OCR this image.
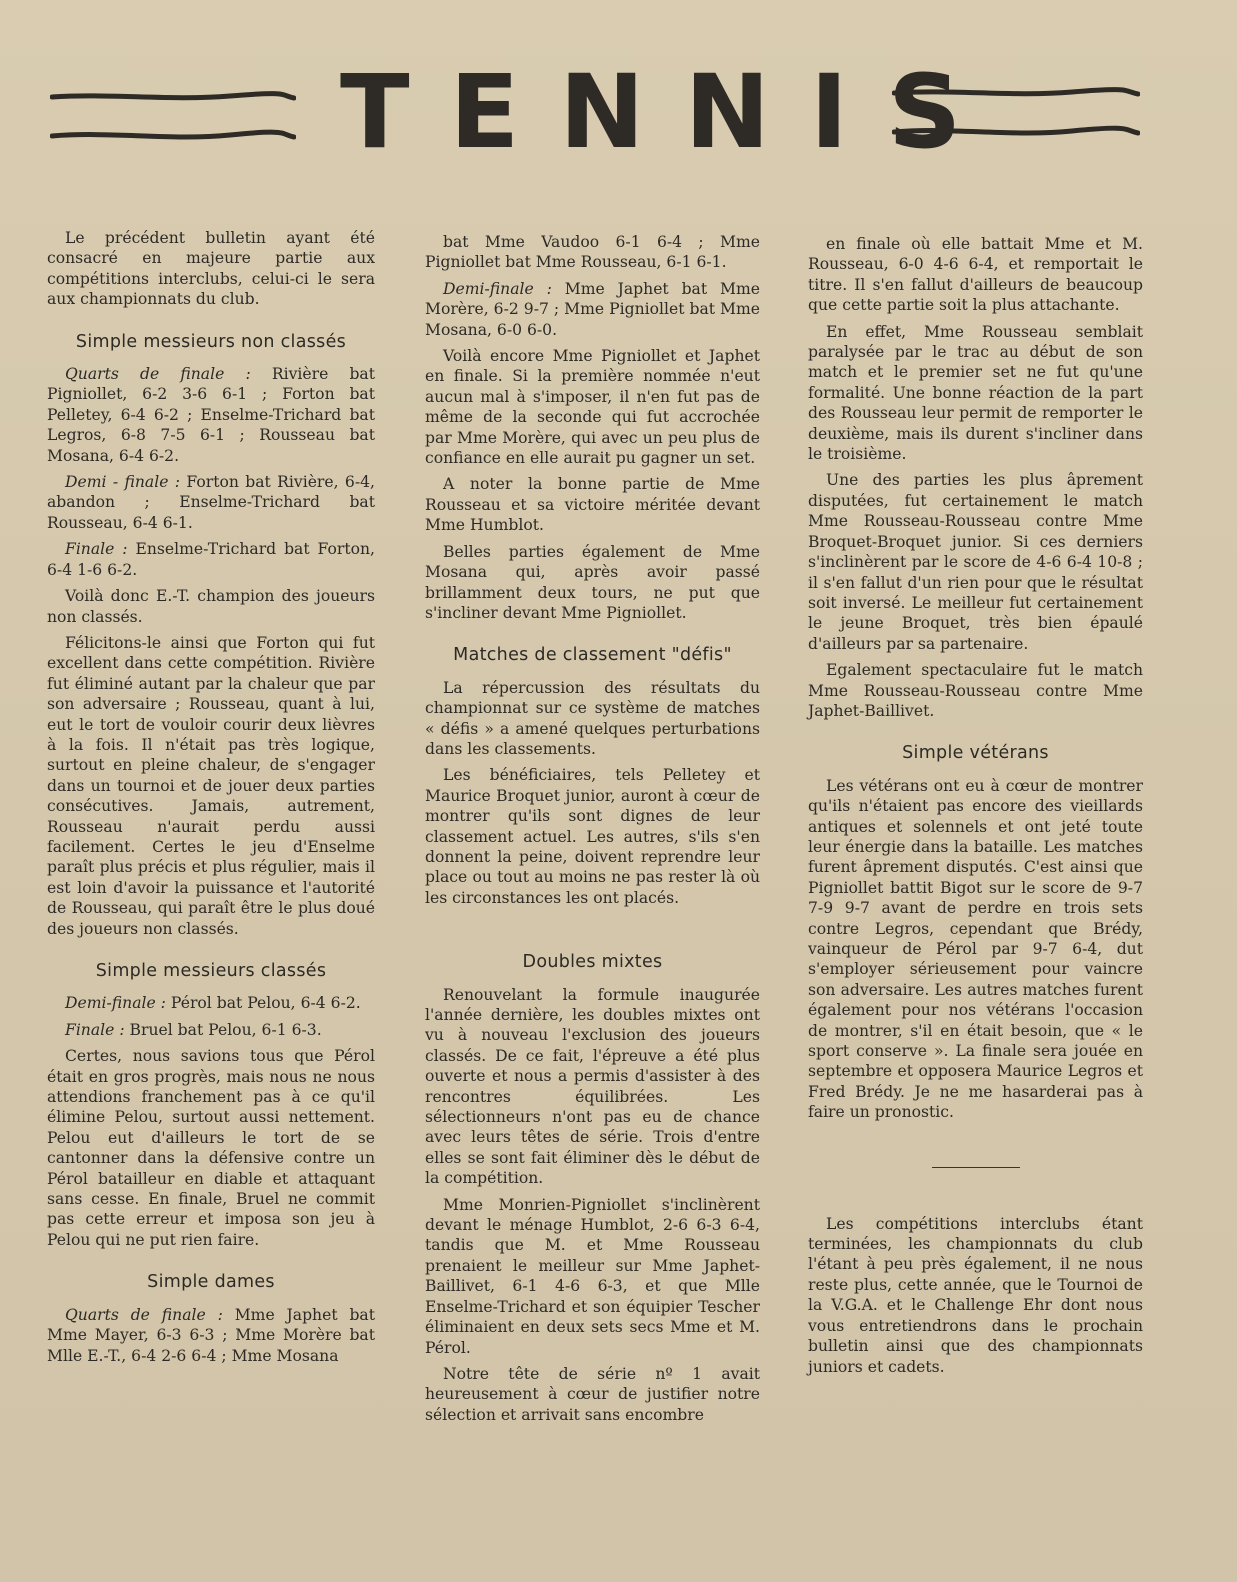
TENNIS

Le précédent bulletin ayant été consacré en majeure partie aux compétitions interclubs, celui-ci le sera aux championnats du club.

Simple messieurs non classés

Quarts de finale : Rivière bat Pigniollet, 6-2 3-6 6-1 ; Forton bat Pelletey, 6-4 6-2 ; Enselme-Trichard bat Legros, 6-8 7-5 6-1 ; Rousseau bat Mosana, 6-4 6-2.

Demi - finale : Forton bat Rivière, 6-4, abandon ; Enselme-Trichard bat Rousseau, 6-4 6-1.

Finale : Enselme-Trichard bat Forton, 6-4 1-6 6-2.

Voilà donc E.-T. champion des joueurs non classés.

Félicitons-le ainsi que Forton qui fut excellent dans cette compétition. Rivière fut éliminé autant par la chaleur que par son adversaire ; Rousseau, quant à lui, eut le tort de vouloir courir deux lièvres à la fois. Il n'était pas très logique, surtout en pleine chaleur, de s'engager dans un tournoi et de jouer deux parties consécutives. Jamais, autrement, Rousseau n'aurait perdu aussi facilement. Certes le jeu d'Enselme paraît plus précis et plus régulier, mais il est loin d'avoir la puissance et l'autorité de Rousseau, qui paraît être le plus doué des joueurs non classés.

Simple messieurs classés

Demi-finale : Pérol bat Pelou, 6-4 6-2.

Finale : Bruel bat Pelou, 6-1 6-3.

Certes, nous savions tous que Pérol était en gros progrès, mais nous ne nous attendions franchement pas à ce qu'il élimine Pelou, surtout aussi nettement. Pelou eut d'ailleurs le tort de se cantonner dans la défensive contre un Pérol batailleur en diable et attaquant sans cesse. En finale, Bruel ne commit pas cette erreur et imposa son jeu à Pelou qui ne put rien faire.

Simple dames

Quarts de finale : Mme Japhet bat Mme Mayer, 6-3 6-3 ; Mme Morère bat Mlle E.-T., 6-4 2-6 6-4 ; Mme Mosana

bat Mme Vaudoo 6-1 6-4 ; Mme Pigniollet bat Mme Rousseau, 6-1 6-1.

Demi-finale : Mme Japhet bat Mme Morère, 6-2 9-7 ; Mme Pigniollet bat Mme Mosana, 6-0 6-0.

Voilà encore Mme Pigniollet et Japhet en finale. Si la première nommée n'eut aucun mal à s'imposer, il n'en fut pas de même de la seconde qui fut accrochée par Mme Morère, qui avec un peu plus de confiance en elle aurait pu gagner un set.

A noter la bonne partie de Mme Rousseau et sa victoire méritée devant Mme Humblot.

Belles parties également de Mme Mosana qui, après avoir passé brillamment deux tours, ne put que s'incliner devant Mme Pigniollet.

Matches de classement "défis"

La répercussion des résultats du championnat sur ce système de matches « défis » a amené quelques perturbations dans les classements.

Les bénéficiaires, tels Pelletey et Maurice Broquet junior, auront à cœur de montrer qu'ils sont dignes de leur classement actuel. Les autres, s'ils s'en donnent la peine, doivent reprendre leur place ou tout au moins ne pas rester là où les circonstances les ont placés.

Doubles mixtes

Renouvelant la formule inaugurée l'année dernière, les doubles mixtes ont vu à nouveau l'exclusion des joueurs classés. De ce fait, l'épreuve a été plus ouverte et nous a permis d'assister à des rencontres équilibrées. Les sélectionneurs n'ont pas eu de chance avec leurs têtes de série. Trois d'entre elles se sont fait éliminer dès le début de la compétition.

Mme Monrien-Pigniollet s'inclinèrent devant le ménage Humblot, 2-6 6-3 6-4, tandis que M. et Mme Rousseau prenaient le meilleur sur Mme Japhet-Baillivet, 6-1 4-6 6-3, et que Mlle Enselme-Trichard et son équipier Tescher éliminaient en deux sets secs Mme et M. Pérol.

Notre tête de série nº 1 avait heureusement à cœur de justifier notre sélection et arrivait sans encombre

en finale où elle battait Mme et M. Rousseau, 6-0 4-6 6-4, et remportait le titre. Il s'en fallut d'ailleurs de beaucoup que cette partie soit la plus attachante.

En effet, Mme Rousseau semblait paralysée par le trac au début de son match et le premier set ne fut qu'une formalité. Une bonne réaction de la part des Rousseau leur permit de remporter le deuxième, mais ils durent s'incliner dans le troisième.

Une des parties les plus âprement disputées, fut certainement le match Mme Rousseau-Rousseau contre Mme Broquet-Broquet junior. Si ces derniers s'inclinèrent par le score de 4-6 6-4 10-8 ; il s'en fallut d'un rien pour que le résultat soit inversé. Le meilleur fut certainement le jeune Broquet, très bien épaulé d'ailleurs par sa partenaire.

Egalement spectaculaire fut le match Mme Rousseau-Rousseau contre Mme Japhet-Baillivet.

Simple vétérans

Les vétérans ont eu à cœur de montrer qu'ils n'étaient pas encore des vieillards antiques et solennels et ont jeté toute leur énergie dans la bataille. Les matches furent âprement disputés. C'est ainsi que Pigniollet battit Bigot sur le score de 9-7 7-9 9-7 avant de perdre en trois sets contre Legros, cependant que Brédy, vainqueur de Pérol par 9-7 6-4, dut s'employer sérieusement pour vaincre son adversaire. Les autres matches furent également pour nos vétérans l'occasion de montrer, s'il en était besoin, que « le sport conserve ». La finale sera jouée en septembre et opposera Maurice Legros et Fred Brédy. Je ne me hasarderai pas à faire un pronostic.

Les compétitions interclubs étant terminées, les championnats du club l'étant à peu près également, il ne nous reste plus, cette année, que le Tournoi de la V.G.A. et le Challenge Ehr dont nous vous entretiendrons dans le prochain bulletin ainsi que des championnats juniors et cadets.
